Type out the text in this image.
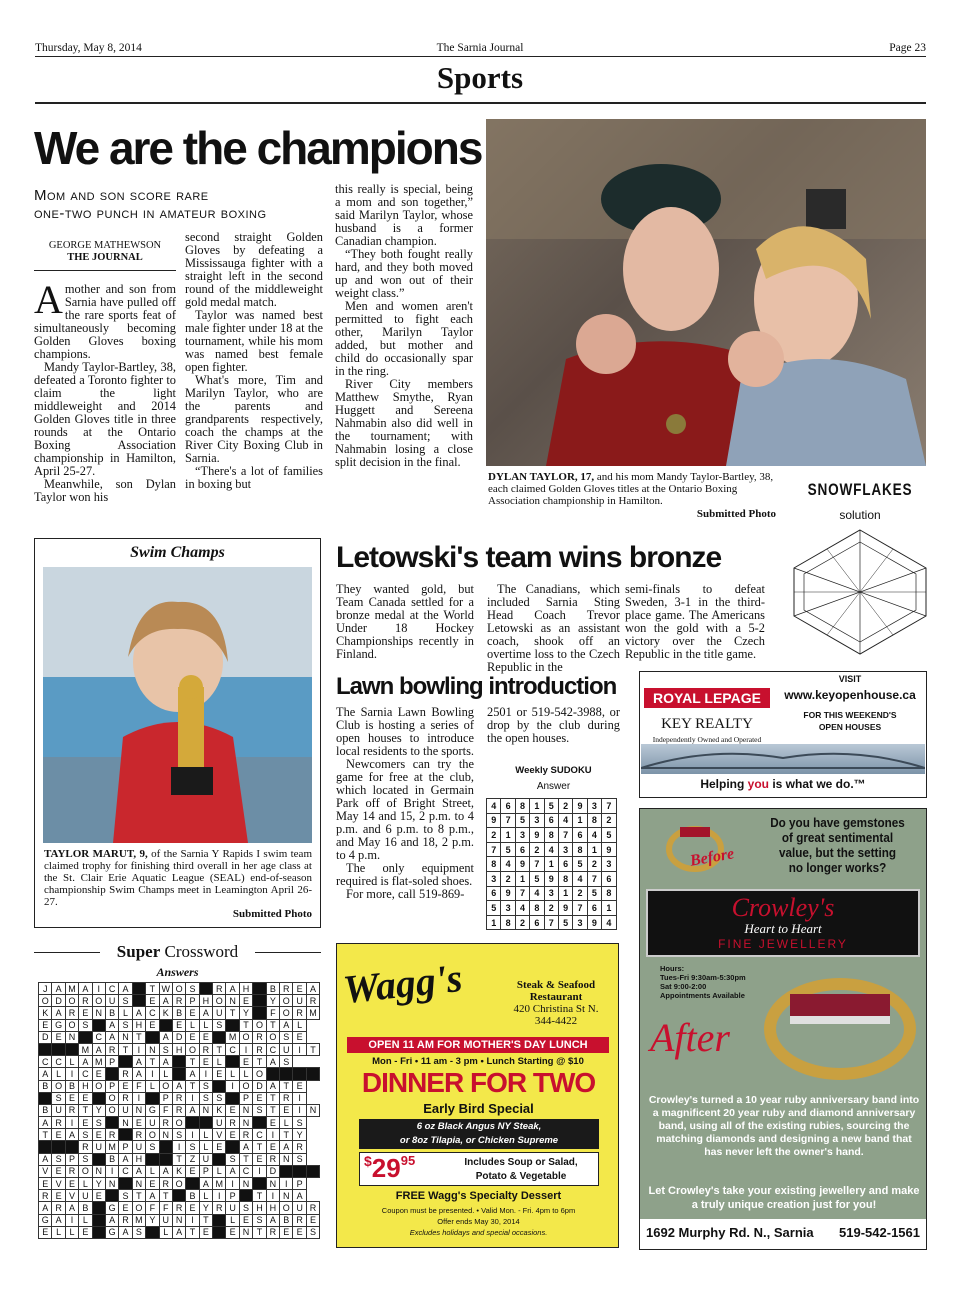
Thursday, May 8, 2014	The Sarnia Journal	Page 23
Sports
We are the champions
Mom and son score rare
one-two punch in amateur boxing
GEORGE MATHEWSON
THE JOURNAL

A mother and son from Sarnia have pulled off the rare sports feat of simultaneously becoming Golden Gloves boxing champions.

Mandy Taylor-Bartley, 38, defeated a Toronto fighter to claim the light middleweight and 2014 Golden Gloves title in three rounds at the Ontario Boxing Association championship in Hamilton, April 25-27.

Meanwhile, son Dylan Taylor won his

second straight Golden Gloves by defeating a Mississauga fighter with a straight left in the second round of the middleweight gold medal match.

Taylor was named best male fighter under 18 at the tournament, while his mom was named best female open fighter.

What's more, Tim and Marilyn Taylor, who are the parents and grandparents respectively, coach the champs at the River City Boxing Club in Sarnia.

“There's a lot of families in boxing but

this really is special, being a mom and son together,” said Marilyn Taylor, whose husband is a former Canadian champion.

“They both fought really hard, and they both moved up and won out of their weight class.”

Men and women aren't permitted to fight each other, Marilyn Taylor added, but mother and child do occasionally spar in the ring.

River City members Matthew Smythe, Ryan Huggett and Sereena Nahmabin also did well in the tournament; with Nahmabin losing a close split decision in the final.

DYLAN TAYLOR, 17, and his mom Mandy Taylor-Bartley, 38, each claimed Golden Gloves titles at the Ontario Boxing Association championship in Hamilton.
Submitted Photo
SNOWFLAKES
solution
Swim Champs
TAYLOR MARUT, 9, of the Sarnia Y Rapids I swim team claimed trophy for finishing third overall in her age class at the St. Clair Erie Aquatic League (SEAL) end-of-season championship Swim Champs meet in Leamington April 26-27.
Submitted Photo
Letowski's team wins bronze

They wanted gold, but Team Canada settled for a bronze medal at the World Under 18 Hockey Championships recently in Finland.

The Canadians, which included Sarnia Sting Head Coach Trevor Letowski as an assistant coach, shook off an overtime loss to the Czech Republic in the

semi-finals to defeat Sweden, 3-1 in the third-place game. The Americans won the gold with a 5-2 victory over the Czech Republic in the title game.

Lawn bowling introduction

The Sarnia Lawn Bowling Club is hosting a series of open houses to introduce local residents to the sports.

Newcomers can try the game for free at the club, which located in Germain Park off of Bright Street, May 14 and 15, 2 p.m. to 4 p.m. and 6 p.m. to 8 p.m., and May 16 and 18, 2 p.m. to 4 p.m.

The only equipment required is flat-soled shoes.

For more, call 519-869-

2501 or 519-542-3988, or drop by the club during the open houses.

Weekly SUDOKU
Answer
4	6	8	1	5	2	9	3	7
9	7	5	3	6	4	1	8	2
2	1	3	9	8	7	6	4	5
7	5	6	2	4	3	8	1	9
8	4	9	7	1	6	5	2	3
3	2	1	5	9	8	4	7	6
6	9	7	4	3	1	2	5	8
5	3	4	8	2	9	7	6	1
1	8	2	6	7	5	3	9	4
Super Crossword
Answers
J	A	M	A	I	C	A		T	W	O	S		R	A	H		B	R	E	A
O	D	O	R	O	U	S		E	A	R	P	H	O	N	E		Y	O	U	R
K	A	R	E	N	B	L	A	C	K	B	E	A	U	T	Y		F	O	R	M
E	G	O	S		A	S	H	E		E	L	L	S		T	O	T	A	L	
D	E	N		C	A	N	T		A	D	E	E		M	O	R	O	S	E	
			M	A	R	T	I	N	S	H	O	R	T	C	I	R	C	U	I	T
C	C	L	A	M	P		A	T	A		T	E	L		E	T	A	S		
A	L	I	C	E		R	A	I	L		A	I	E	L	L	O				
B	O	B	H	O	P	E	F	L	O	A	T	S		I	O	D	A	T	E	
	S	E	E		O	R	I		P	R	I	S	S		P	E	T	R	I	
B	U	R	T	Y	O	U	N	G	F	R	A	N	K	E	N	S	T	E	I	N
A	R	I	E	S		N	E	U	R	O			U	R	N		E	L	S	
T	E	A	S	E	R		R	O	N	S	I	L	V	E	R	C	I	T	Y	
			R	U	M	P	U	S		I	S	L	E		A	T	E	A	R	
A	S	P	S		B	A	H			T	Z	U		S	T	E	R	N	S	
V	E	R	O	N	I	C	A	L	A	K	E	P	L	A	C	I	D			
E	V	E	L	Y	N		N	E	R	O		A	M	I	N		N	I	P	
R	E	V	U	E		S	T	A	T		B	L	I	P		T	I	N	A	
A	R	A	B		G	E	O	F	F	R	E	Y	R	U	S	H	H	O	U	R
G	A	I	L		A	R	M	Y	U	N	I	T		L	E	S	A	B	R	E
E	L	L	E		G	A	S		L	A	T	E		E	N	T	R	E	E	S
ROYAL LEPAGE
KEY REALTY
Independently Owned and Operated
VISIT
www.keyopenhouse.ca
FOR THIS WEEKEND'S
OPEN HOUSES
Helping you is what we do.™
Wagg's	Steak & Seafood
Restaurant
420 Christina St N.
344-4422
OPEN 11 AM FOR MOTHER'S DAY LUNCH
Mon - Fri • 11 am - 3 pm • Lunch Starting @ $10
DINNER FOR TWO
Early Bird Special
6 oz Black Angus NY Steak,
or 8oz Tilapia, or Chicken Supreme
$\$29^{95}$	Includes Soup or Salad,
Potato & Vegetable
FREE Wagg's Specialty Dessert
Coupon must be presented. • Valid Mon. - Fri. 4pm to 6pm
Offer ends May 30, 2014
Excludes holidays and special occasions.
Do you have gemstones
of great sentimental
value, but the setting
no longer works?
Before
Crowley's
Heart to Heart
FINE JEWELLERY
Hours:
Tues-Fri 9:30am-5:30pm
Sat 9:00-2:00
Appointments Available
After
Crowley's turned a 10 year ruby anniversary band into a magnificent 20 year ruby and diamond anniversary band, using all of the existing rubies, sourcing the matching diamonds and designing a new band that has never left the owner's hand.
Let Crowley's take your existing jewellery and make a truly unique creation just for you!
1692 Murphy Rd. N., Sarnia 519-542-1561
